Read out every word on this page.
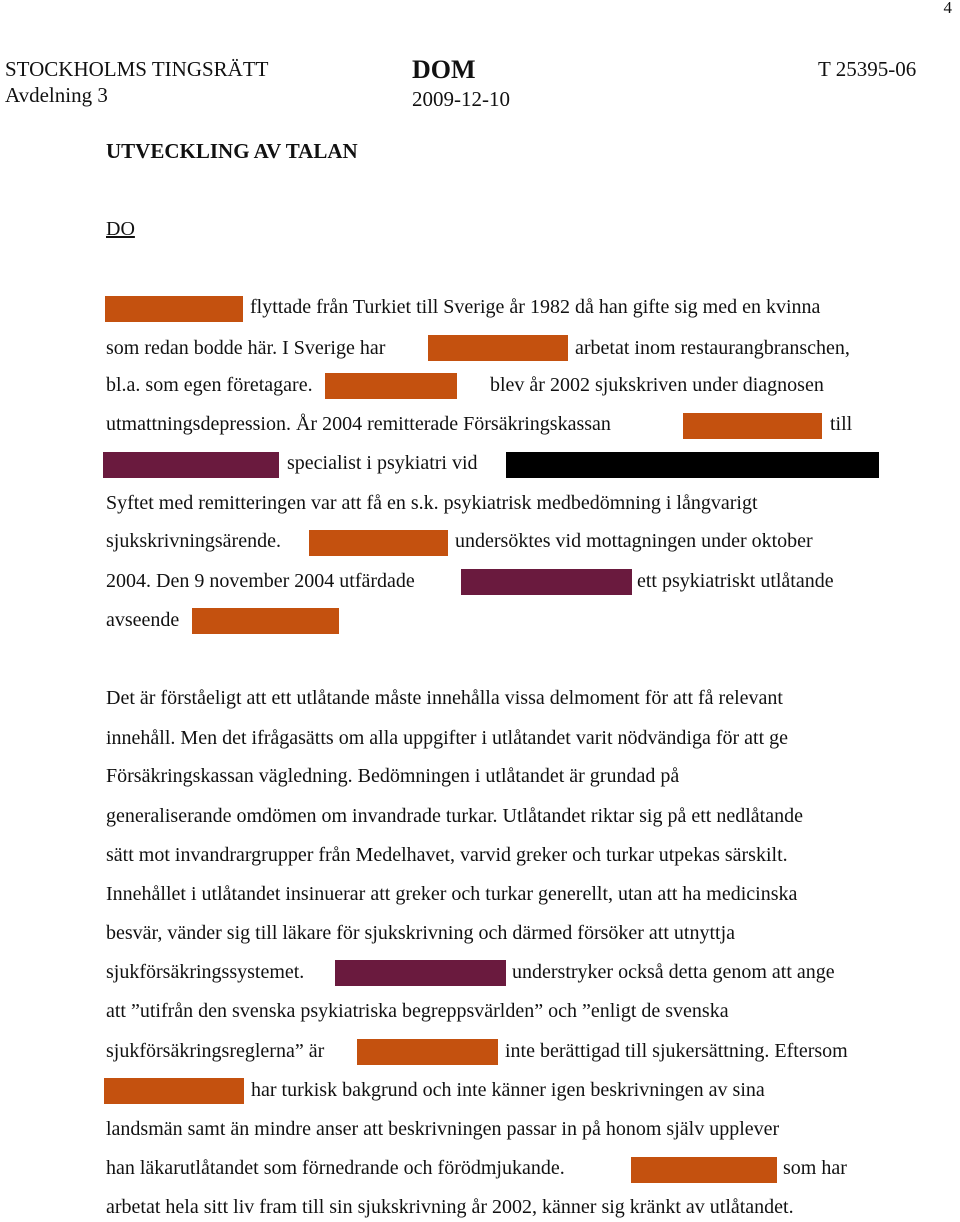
4
STOCKHOLMS TINGSRÄTT
Avdelning 3
DOM
2009-12-10
T 25395-06
UTVECKLING AV TALAN
DO
flyttade från Turkiet till Sverige år 1982 då han gifte sig med en kvinna
som redan bodde här. I Sverige har	arbetat inom restaurangbranschen,
bl.a. som egen företagare.	blev år 2002 sjukskriven under diagnosen
utmattningsdepression. År 2004 remitterade Försäkringskassan	till
specialist i psykiatri vid
Syftet med remitteringen var att få en s.k. psykiatrisk medbedömning i långvarigt
sjukskrivningsärende.	undersöktes vid mottagningen under oktober
2004. Den 9 november 2004 utfärdade	ett psykiatriskt utlåtande
avseende
Det är förståeligt att ett utlåtande måste innehålla vissa delmoment för att få relevant
innehåll. Men det ifrågasätts om alla uppgifter i utlåtandet varit nödvändiga för att ge
Försäkringskassan vägledning. Bedömningen i utlåtandet är grundad på
generaliserande omdömen om invandrade turkar. Utlåtandet riktar sig på ett nedlåtande
sätt mot invandrargrupper från Medelhavet, varvid greker och turkar utpekas särskilt.
Innehållet i utlåtandet insinuerar att greker och turkar generellt, utan att ha medicinska
besvär, vänder sig till läkare för sjukskrivning och därmed försöker att utnyttja
sjukförsäkringssystemet.	understryker också detta genom att ange
att ”utifrån den svenska psykiatriska begreppsvärlden” och ”enligt de svenska
sjukförsäkringsreglerna” är	inte berättigad till sjukersättning. Eftersom
har turkisk bakgrund och inte känner igen beskrivningen av sina
landsmän samt än mindre anser att beskrivningen passar in på honom själv upplever
han läkarutlåtandet som förnedrande och förödmjukande.	som har
arbetat hela sitt liv fram till sin sjukskrivning år 2002, känner sig kränkt av utlåtandet.
